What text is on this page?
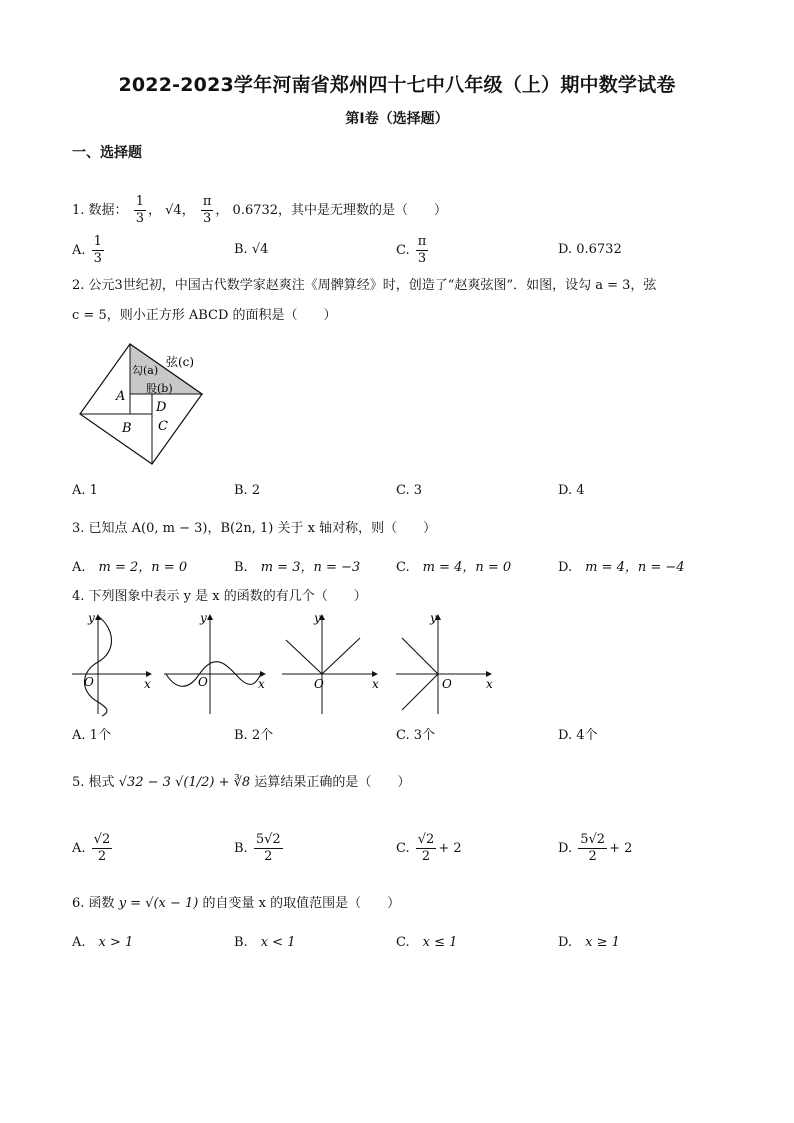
2022-2023学年河南省郑州四十七中八年级（上）期中数学试卷
第Ⅰ卷（选择题）
一、选择题
1. 数据： $\frac{1}{3}$ ， √4， $\frac{\pi}{3}$ ， 0.6732，其中是无理数的是（　　）
A. $\frac{1}{3}$	B. √4	C. $\frac{\pi}{3}$	D. 0.6732
2. 公元3世纪初，中国古代数学家赵爽注《周髀算经》时，创造了“赵爽弦图”．如图，设勾 a = 3，弦
c = 5，则小正方形 ABCD 的面积是（　　）
弦(c)
勾(a)
股(b)
A
D
B C
A. 1	B. 2	C. 3	D. 4
3. 已知点 A(0, m − 3)，B(2n, 1) 关于 x 轴对称，则（　　）
A.　 m = 2，n = 0	B.　 m = 3，n = −3	C.　 m = 4，n = 0	D.　 m = 4，n = −4
4. 下列图象中表示 y 是 x 的函数的有几个（　　）
y
x
O
y
x
O
y
x
O
y
x
O
A. 1个	B. 2个	C. 3个	D. 4个
5. 根式 √32 − 3 √(1/2) + ∛8 运算结果正确的是（　　）
A. $\frac{√2}{2}$	B. $\frac{5√2}{2}$	C. $\frac{√2}{2} + 2$	D. $\frac{5√2}{2} + 2$
6. 函数 y = √(x − 1) 的自变量 x 的取值范围是（　　）
A.　 x > 1	B.　 x < 1	C.　 x ≤ 1	D.　 x ≥ 1
